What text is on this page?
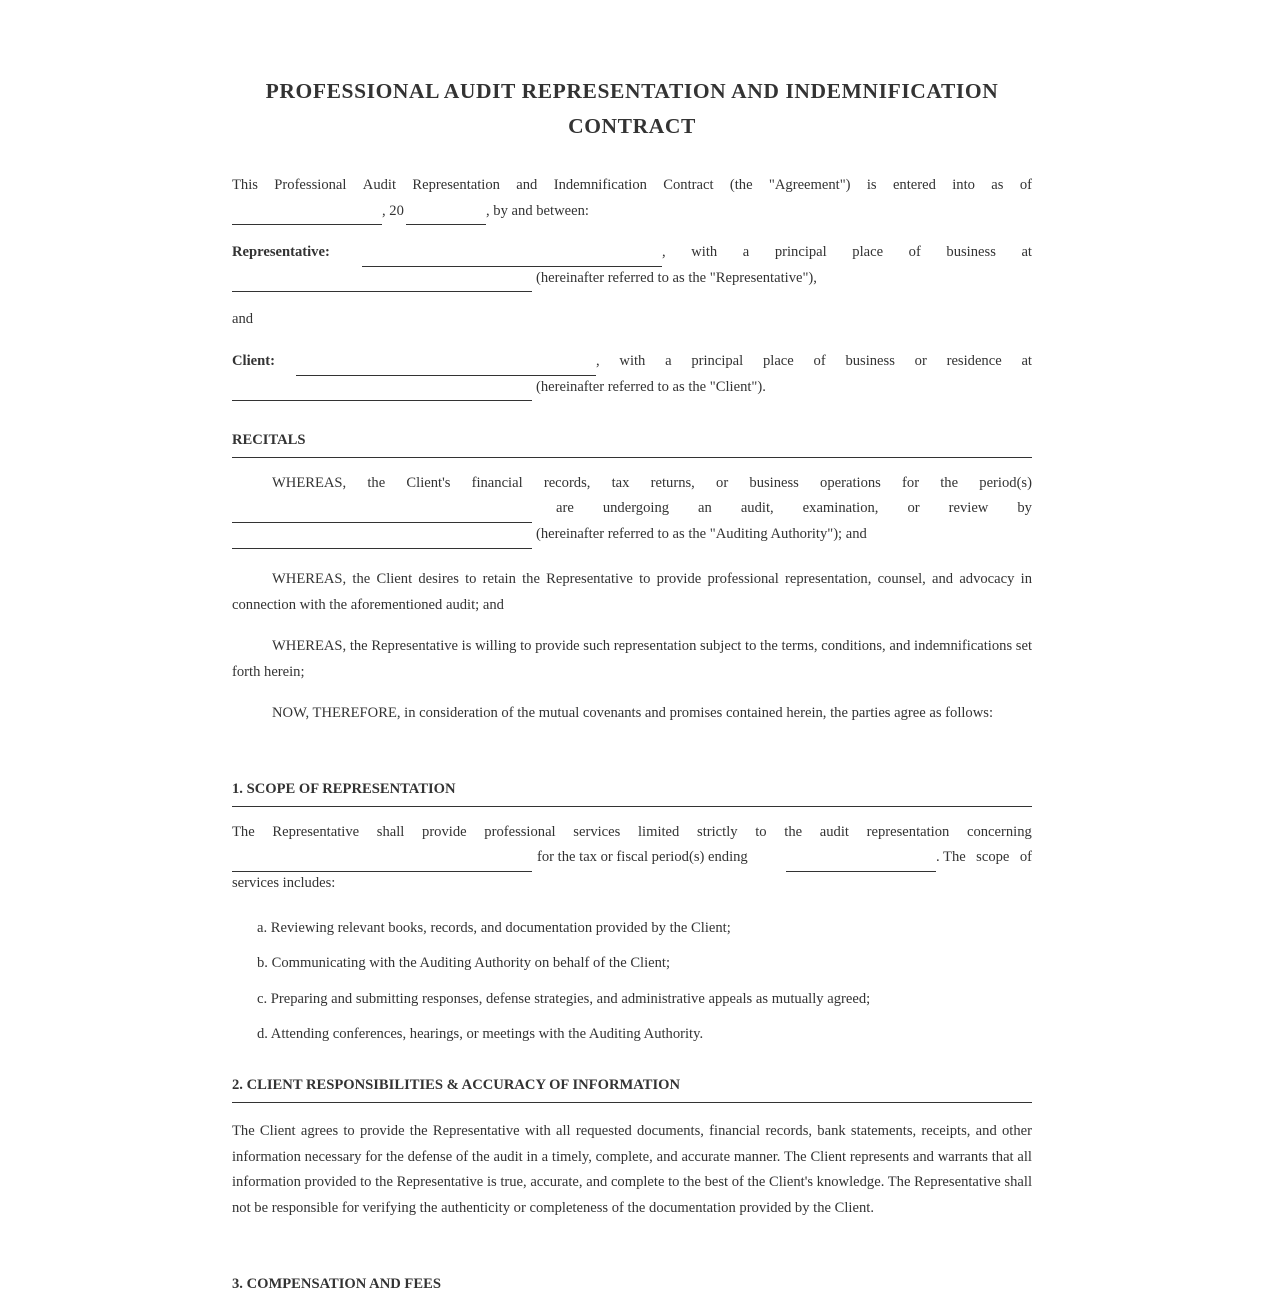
PROFESSIONAL AUDIT REPRESENTATION AND INDEMNIFICATION
CONTRACT
This Professional Audit Representation and Indemnification Contract (the "Agreement") is entered into as of
, 20	, by and between:
Representative:	, with a principal place of business at
(hereinafter referred to as the "Representative"),
and
Client:	, with a principal place of business or residence at
(hereinafter referred to as the "Client").
RECITALS
WHEREAS, the Client's financial records, tax returns, or business operations for the period(s)
are undergoing an audit, examination, or review by
(hereinafter referred to as the "Auditing Authority"); and

WHEREAS, the Client desires to retain the Representative to provide professional representation, counsel, and advocacy in connection with the aforementioned audit; and

WHEREAS, the Representative is willing to provide such representation subject to the terms, conditions, and indemnifications set forth herein;

NOW, THEREFORE, in consideration of the mutual covenants and promises contained herein, the parties agree as follows:

1. SCOPE OF REPRESENTATION
The Representative shall provide professional services limited strictly to the audit representation concerning
for the tax or fiscal period(s) ending	. The scope of
services includes:

a. Reviewing relevant books, records, and documentation provided by the Client;

b. Communicating with the Auditing Authority on behalf of the Client;

c. Preparing and submitting responses, defense strategies, and administrative appeals as mutually agreed;

d. Attending conferences, hearings, or meetings with the Auditing Authority.

2. CLIENT RESPONSIBILITIES & ACCURACY OF INFORMATION

The Client agrees to provide the Representative with all requested documents, financial records, bank statements, receipts, and other information necessary for the defense of the audit in a timely, complete, and accurate manner. The Client represents and warrants that all information provided to the Representative is true, accurate, and complete to the best of the Client's knowledge. The Representative shall not be responsible for verifying the authenticity or completeness of the documentation provided by the Client.

3. COMPENSATION AND FEES
